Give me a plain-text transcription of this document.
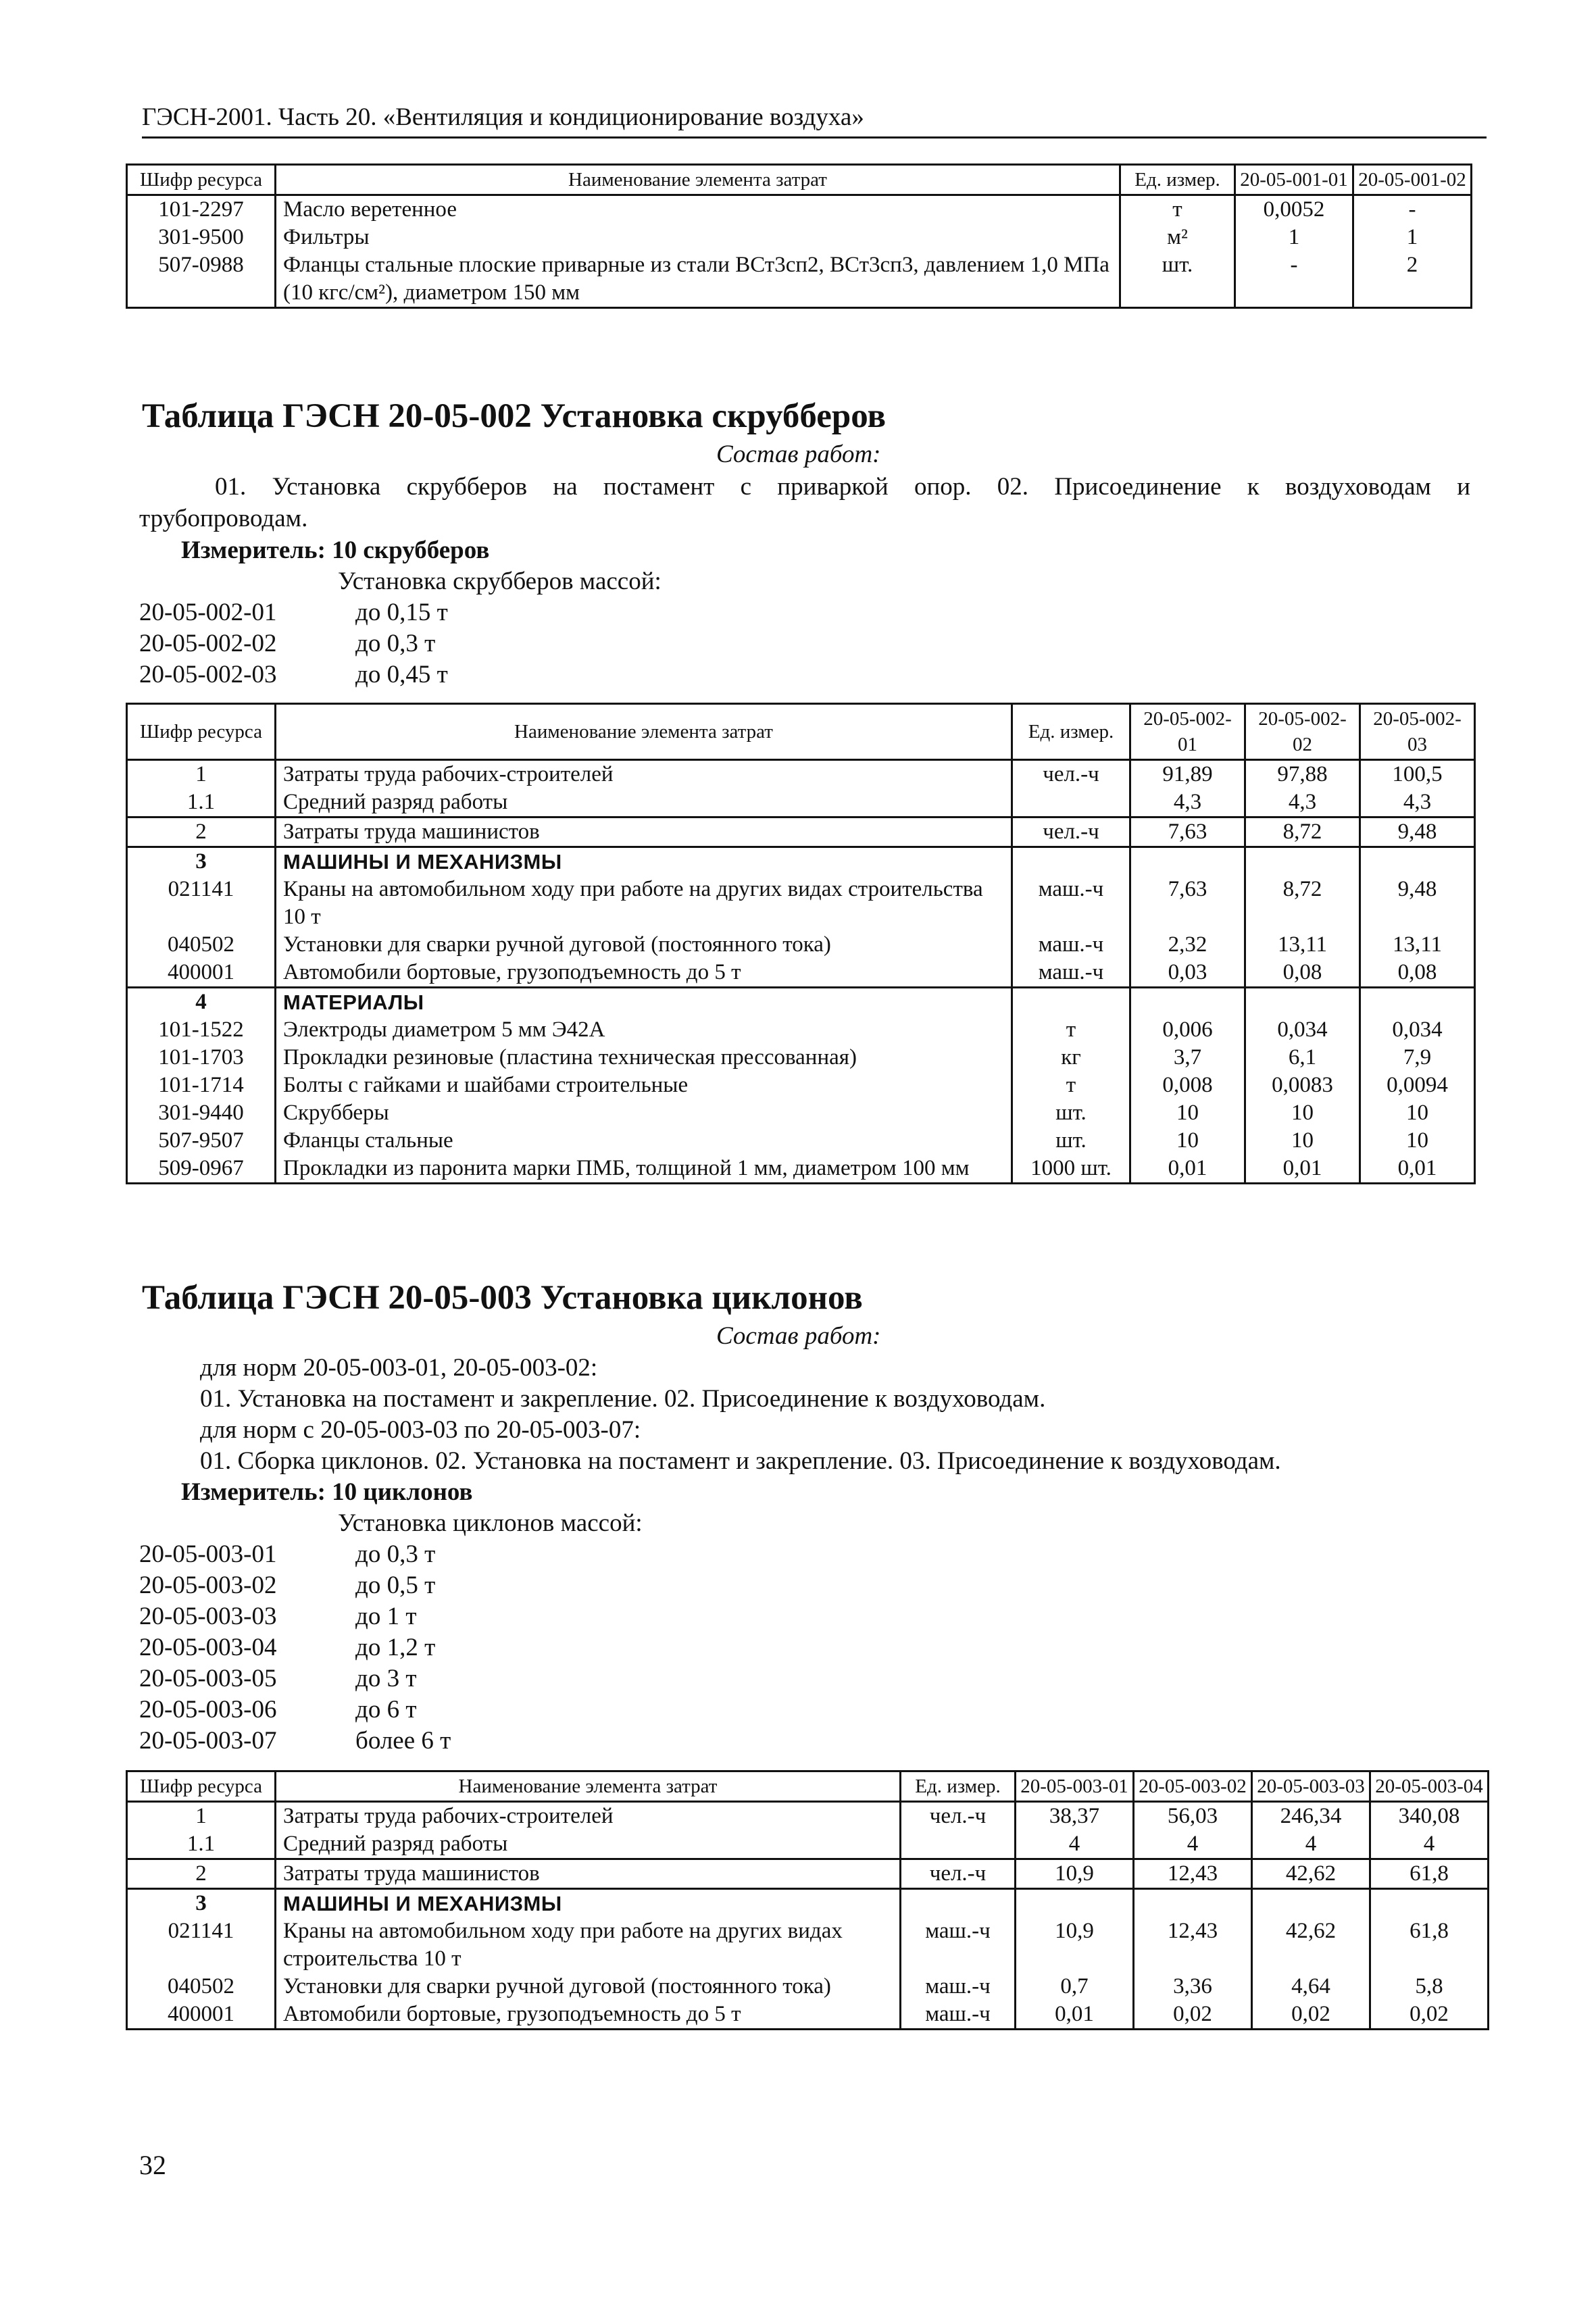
ГЭСН-2001. Часть 20. «Вентиляция и кондиционирование воздуха»
Шифр ресурса	Наименование элемента затрат	Ед. измер.	20-05-001-01	20-05-001-02
101-2297	Масло веретенное	т	0,0052	-
301-9500	Фильтры	м²	1	1
507-0988	Фланцы стальные плоские приварные из стали ВСт3сп2, ВСт3сп3, давлением 1,0 МПа (10 кгс/см²), диаметром 150 мм	шт.	-	2
Таблица ГЭСН 20-05-002 Установка скрубберов
Состав работ:
01. Установка скрубберов на постамент с приваркой опор. 02. Присоединение к воздуховодам и
трубопроводам.
Измеритель: 10 скрубберов
Установка скрубберов массой:
20-05-002-01	до 0,15 т
20-05-002-02	до 0,3 т
20-05-002-03	до 0,45 т
Шифр ресурса	Наименование элемента затрат	Ед. измер.	20-05-002-01	20-05-002-02	20-05-002-03
1	Затраты труда рабочих-строителей	чел.-ч	91,89	97,88	100,5
1.1	Средний разряд работы		4,3	4,3	4,3
2	Затраты труда машинистов	чел.-ч	7,63	8,72	9,48
3	МАШИНЫ И МЕХАНИЗМЫ				
021141	Краны на автомобильном ходу при работе на других видах строительства 10 т	маш.-ч	7,63	8,72	9,48
040502	Установки для сварки ручной дуговой (постоянного тока)	маш.-ч	2,32	13,11	13,11
400001	Автомобили бортовые, грузоподъемность до 5 т	маш.-ч	0,03	0,08	0,08
4	МАТЕРИАЛЫ				
101-1522	Электроды диаметром 5 мм Э42А	т	0,006	0,034	0,034
101-1703	Прокладки резиновые (пластина техническая прессованная)	кг	3,7	6,1	7,9
101-1714	Болты с гайками и шайбами строительные	т	0,008	0,0083	0,0094
301-9440	Скрубберы	шт.	10	10	10
507-9507	Фланцы стальные	шт.	10	10	10
509-0967	Прокладки из паронита марки ПМБ, толщиной 1 мм, диаметром 100 мм	1000 шт.	0,01	0,01	0,01
Таблица ГЭСН 20-05-003 Установка циклонов
Состав работ:
для норм 20-05-003-01, 20-05-003-02:
01. Установка на постамент и закрепление. 02. Присоединение к воздуховодам.
для норм с 20-05-003-03 по 20-05-003-07:
01. Сборка циклонов. 02. Установка на постамент и закрепление. 03. Присоединение к воздуховодам.
Измеритель: 10 циклонов
Установка циклонов массой:
20-05-003-01	до 0,3 т
20-05-003-02	до 0,5 т
20-05-003-03	до 1 т
20-05-003-04	до 1,2 т
20-05-003-05	до 3 т
20-05-003-06	до 6 т
20-05-003-07	более 6 т
Шифр ресурса	Наименование элемента затрат	Ед. измер.	20-05-003-01	20-05-003-02	20-05-003-03	20-05-003-04
1	Затраты труда рабочих-строителей	чел.-ч	38,37	56,03	246,34	340,08
1.1	Средний разряд работы		4	4	4	4
2	Затраты труда машинистов	чел.-ч	10,9	12,43	42,62	61,8
3	МАШИНЫ И МЕХАНИЗМЫ					
021141	Краны на автомобильном ходу при работе на других видах строительства 10 т	маш.-ч	10,9	12,43	42,62	61,8
040502	Установки для сварки ручной дуговой (постоянного тока)	маш.-ч	0,7	3,36	4,64	5,8
400001	Автомобили бортовые, грузоподъемность до 5 т	маш.-ч	0,01	0,02	0,02	0,02
32
